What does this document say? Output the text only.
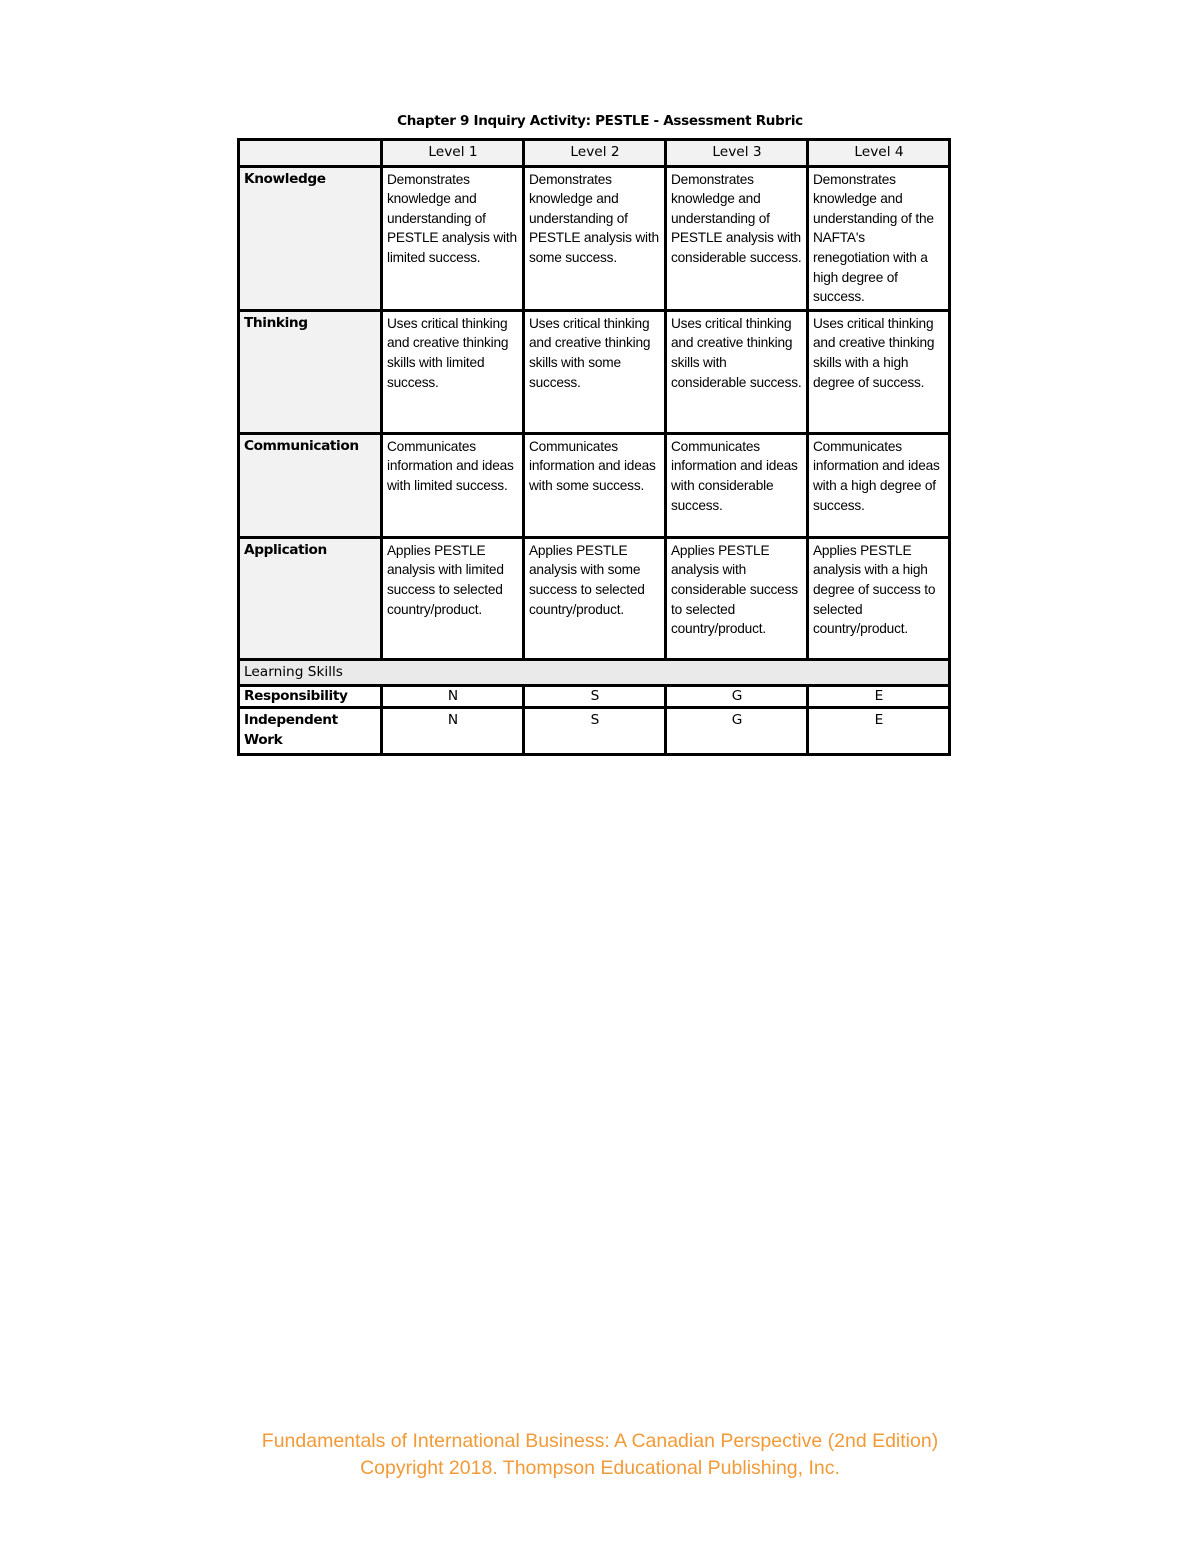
Chapter 9 Inquiry Activity: PESTLE - Assessment Rubric
	Level 1	Level 2	Level 3	Level 4
Knowledge	Demonstrates knowledge and understanding of PESTLE analysis with limited success.	Demonstrates knowledge and understanding of PESTLE analysis with some success.	Demonstrates knowledge and understanding of PESTLE analysis with considerable success.	Demonstrates knowledge and understanding of the NAFTA's renegotiation with a high degree of success.
Thinking	Uses critical thinking and creative thinking skills with limited success.	Uses critical thinking and creative thinking skills with some success.	Uses critical thinking and creative thinking skills with considerable success.	Uses critical thinking and creative thinking skills with a high degree of success.
Communication	Communicates information and ideas with limited success.	Communicates information and ideas with some success.	Communicates information and ideas with considerable success.	Communicates information and ideas with a high degree of success.
Application	Applies PESTLE analysis with limited success to selected country/product.	Applies PESTLE analysis with some success to selected country/product.	Applies PESTLE analysis with considerable success to selected country/product.	Applies PESTLE analysis with a high degree of success to selected country/product.
Learning Skills				
Responsibility	N	S	G	E
Independent Work	N	S	G	E
Fundamentals of International Business: A Canadian Perspective (2nd Edition)
Copyright 2018. Thompson Educational Publishing, Inc.
